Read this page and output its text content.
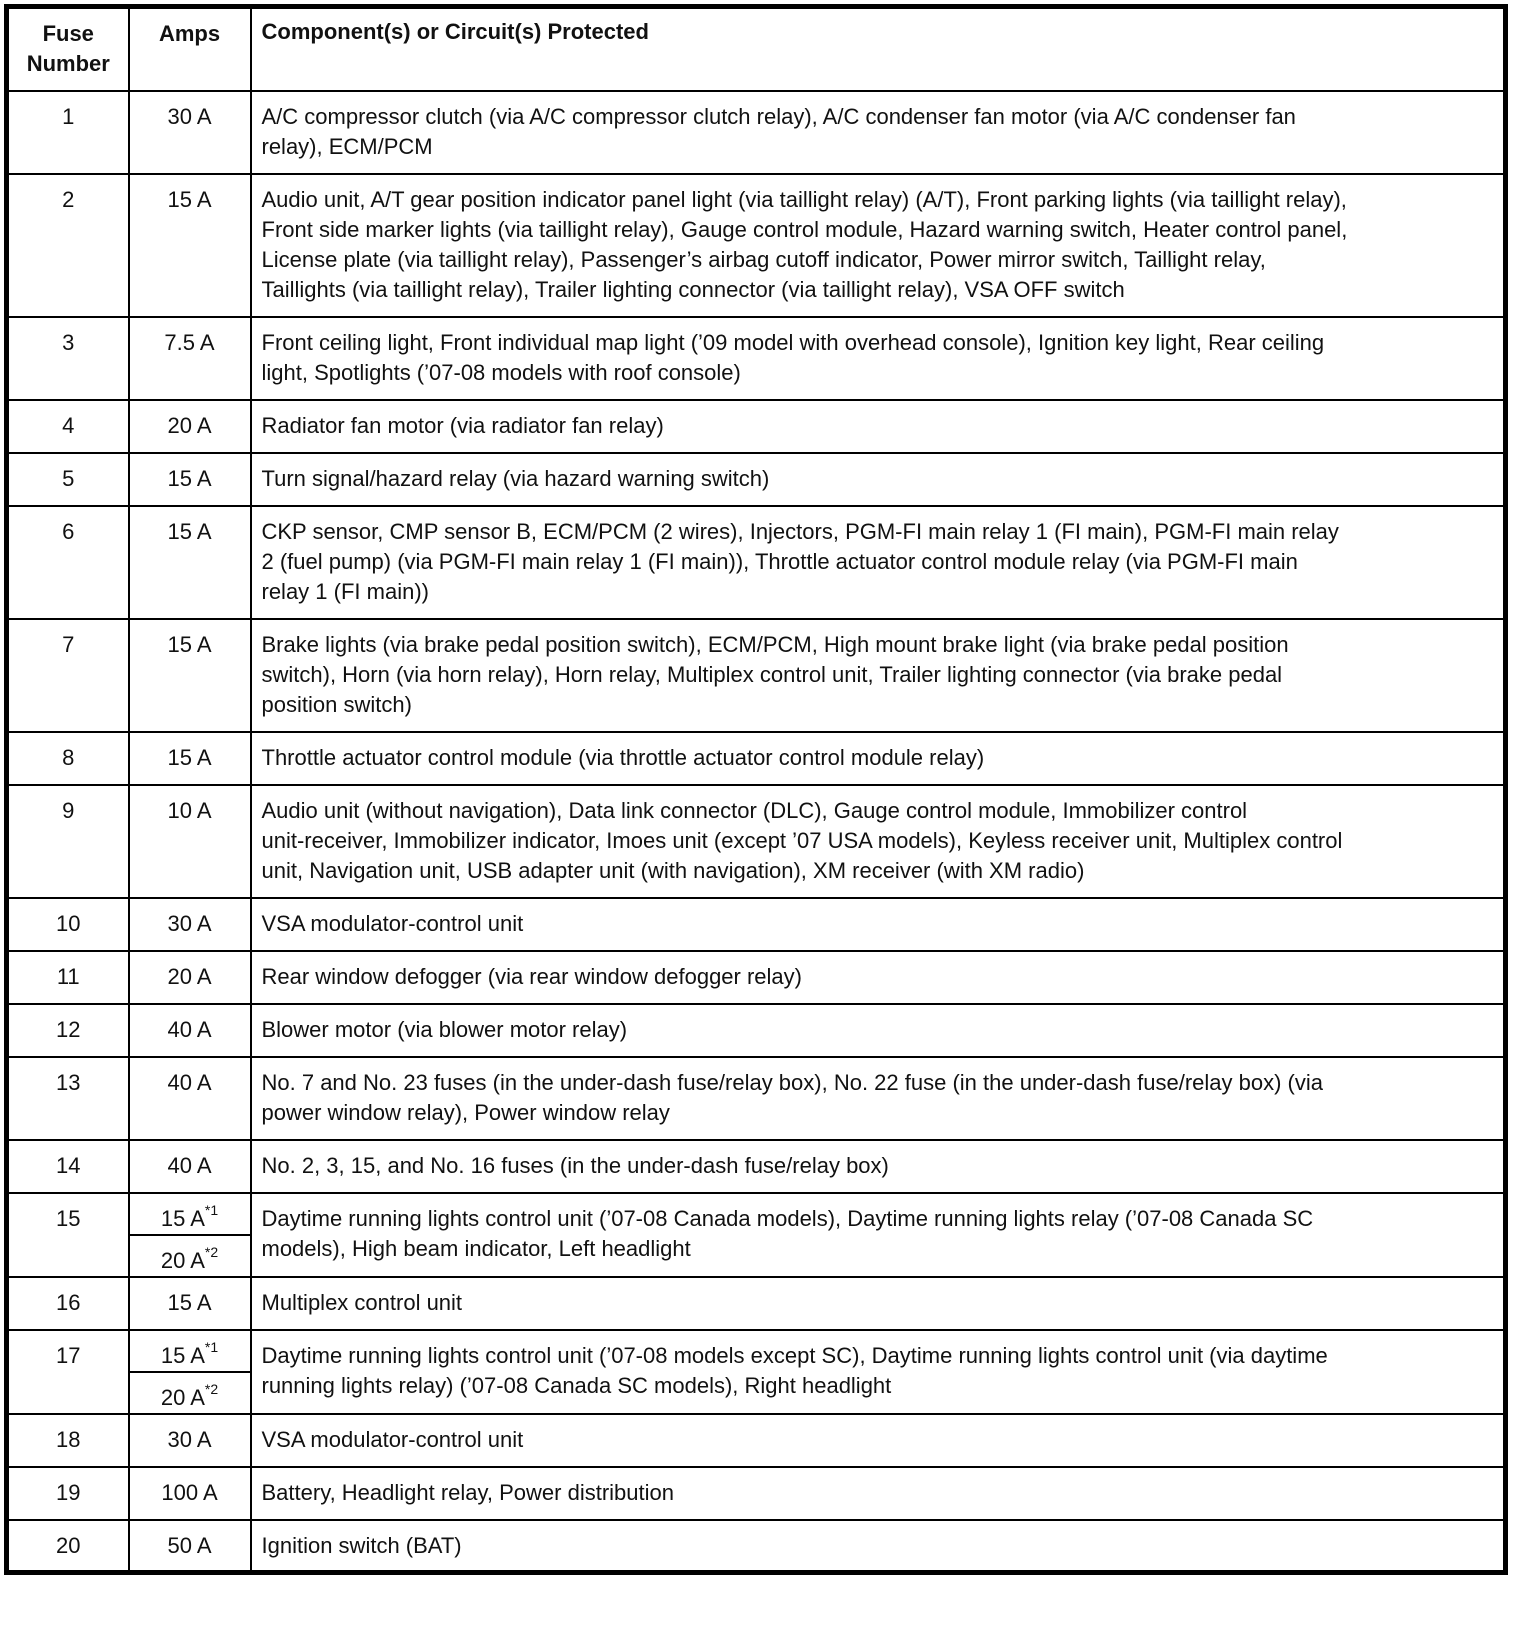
Fuse
Number	Amps	Component(s) or Circuit(s) Protected
1	30 A	A/C compressor clutch (via A/C compressor clutch relay), A/C condenser fan motor (via A/C condenser fan
relay), ECM/PCM

2	15 A	Audio unit, A/T gear position indicator panel light (via taillight relay) (A/T), Front parking lights (via taillight relay),
Front side marker lights (via taillight relay), Gauge control module, Hazard warning switch, Heater control panel,
License plate (via taillight relay), Passenger’s airbag cutoff indicator, Power mirror switch, Taillight relay,
Taillights (via taillight relay), Trailer lighting connector (via taillight relay), VSA OFF switch

3	7.5 A	Front ceiling light, Front individual map light (’09 model with overhead console), Ignition key light, Rear ceiling
light, Spotlights (’07-08 models with roof console)

4	20 A	Radiator fan motor (via radiator fan relay)

5	15 A	Turn signal/hazard relay (via hazard warning switch)

6	15 A	CKP sensor, CMP sensor B, ECM/PCM (2 wires), Injectors, PGM-FI main relay 1 (FI main), PGM-FI main relay
2 (fuel pump) (via PGM-FI main relay 1 (FI main)), Throttle actuator control module relay (via PGM-FI main
relay 1 (FI main))

7	15 A	Brake lights (via brake pedal position switch), ECM/PCM, High mount brake light (via brake pedal position
switch), Horn (via horn relay), Horn relay, Multiplex control unit, Trailer lighting connector (via brake pedal
position switch)

8	15 A	Throttle actuator control module (via throttle actuator control module relay)

9	10 A	Audio unit (without navigation), Data link connector (DLC), Gauge control module, Immobilizer control
unit-receiver, Immobilizer indicator, Imoes unit (except ’07 USA models), Keyless receiver unit, Multiplex control
unit, Navigation unit, USB adapter unit (with navigation), XM receiver (with XM radio)

10	30 A	VSA modulator-control unit

11	20 A	Rear window defogger (via rear window defogger relay)

12	40 A	Blower motor (via blower motor relay)

13	40 A	No. 7 and No. 23 fuses (in the under-dash fuse/relay box), No. 22 fuse (in the under-dash fuse/relay box) (via
power window relay), Power window relay

14	40 A	No. 2, 3, 15, and No. 16 fuses (in the under-dash fuse/relay box)

15	15 $A^{*1}$	Daytime running lights control unit (’07-08 Canada models), Daytime running lights relay (’07-08 Canada SC
models), High beam indicator, Left headlight

	20 $A^{*2}$
16	15 A	Multiplex control unit

17	15 $A^{*1}$	Daytime running lights control unit (’07-08 models except SC), Daytime running lights control unit (via daytime
running lights relay) (’07-08 Canada SC models), Right headlight

	20 $A^{*2}$
18	30 A	VSA modulator-control unit

19	100 A	Battery, Headlight relay, Power distribution

20	50 A	Ignition switch (BAT)
